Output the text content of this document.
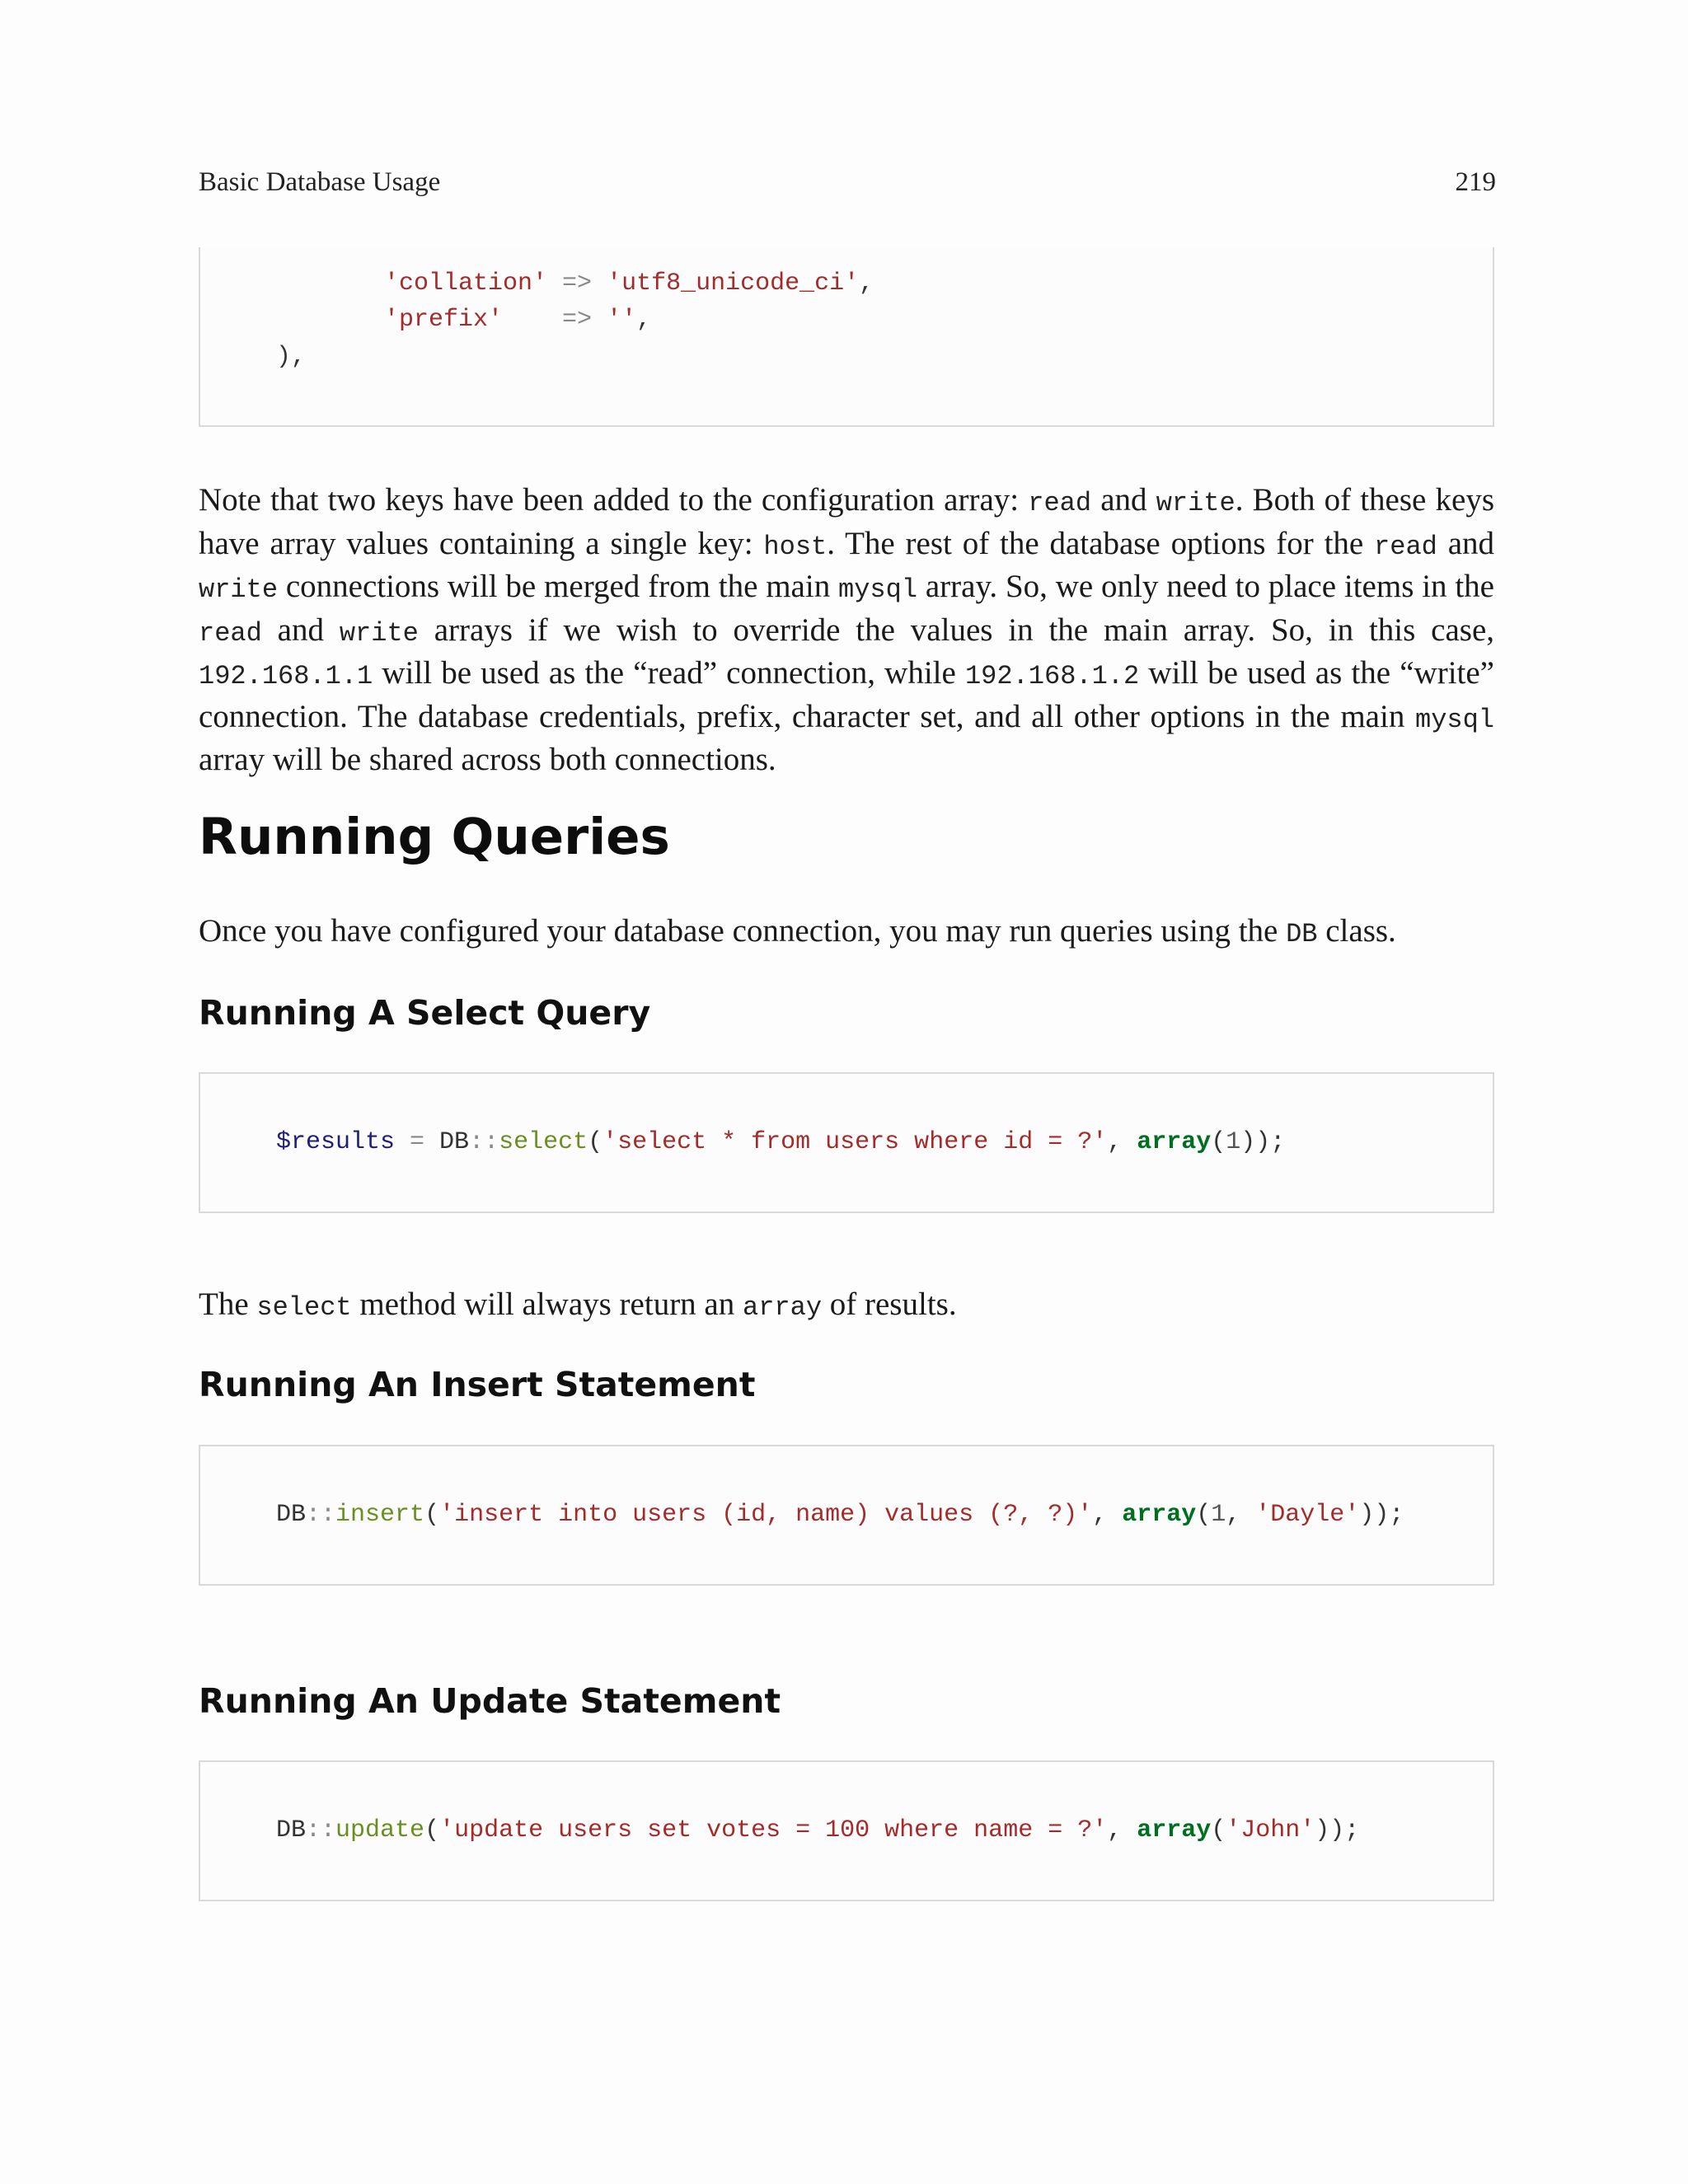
Basic Database Usage	219
'collation' => 'utf8_unicode_ci',
'prefix' => '',
),
Note that two keys have been added to the configuration array: read and write. Both of these keys have array values containing a single key: host. The rest of the database options for the read and write connections will be merged from the main mysql array. So, we only need to place items in the read and write arrays if we wish to override the values in the main array. So, in this case, 192.168.1.1 will be used as the “read” connection, while 192.168.1.2 will be used as the “write” connection. The database credentials, prefix, character set, and all other options in the main mysql array will be shared across both connections.
Running Queries
Once you have configured your database connection, you may run queries using the DB class.
Running A Select Query
$results = DB::select('select * from users where id = ?', array(1));
The select method will always return an array of results.
Running An Insert Statement
DB::insert('insert into users (id, name) values (?, ?)', array(1, 'Dayle'));
Running An Update Statement
DB::update('update users set votes = 100 where name = ?', array('John'));
